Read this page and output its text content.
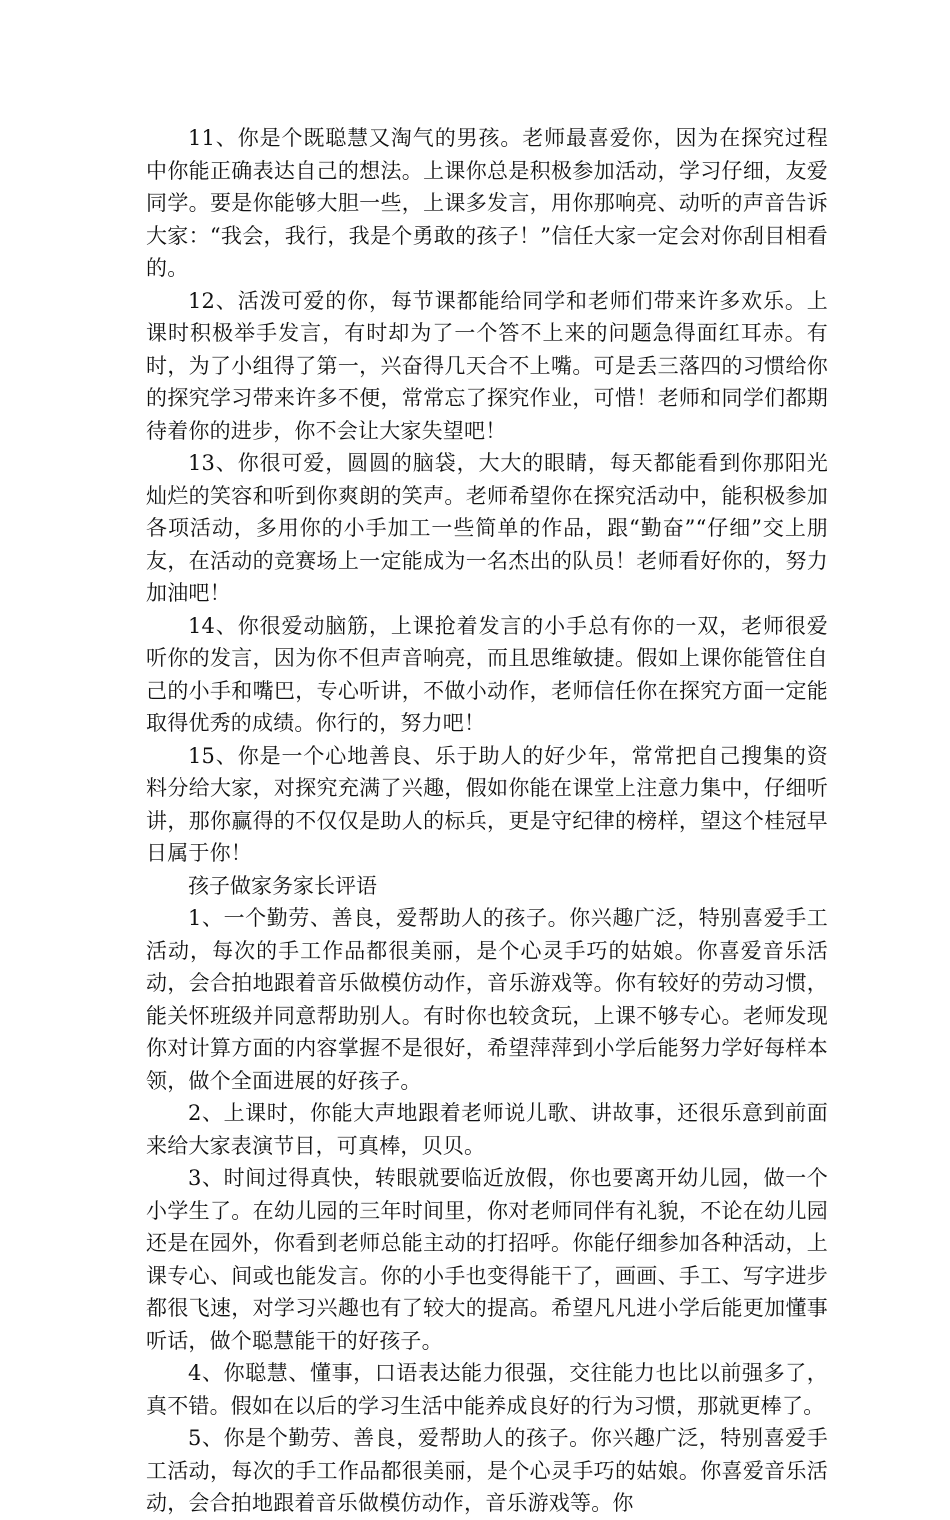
11、你是个既聪慧又淘气的男孩。老师最喜爱你，因为在探究过程中你能正确表达自己的想法。上课你总是积极参加活动，学习仔细，友爱同学。要是你能够大胆一些，上课多发言，用你那响亮、动听的声音告诉大家：“我会，我行，我是个勇敢的孩子！”信任大家一定会对你刮目相看的。

12、活泼可爱的你，每节课都能给同学和老师们带来许多欢乐。上课时积极举手发言，有时却为了一个答不上来的问题急得面红耳赤。有时，为了小组得了第一，兴奋得几天合不上嘴。可是丢三落四的习惯给你的探究学习带来许多不便，常常忘了探究作业，可惜！老师和同学们都期待着你的进步，你不会让大家失望吧！

13、你很可爱，圆圆的脑袋，大大的眼睛，每天都能看到你那阳光灿烂的笑容和听到你爽朗的笑声。老师希望你在探究活动中，能积极参加各项活动，多用你的小手加工一些简单的作品，跟“勤奋”“仔细”交上朋友，在活动的竞赛场上一定能成为一名杰出的队员！老师看好你的，努力加油吧！

14、你很爱动脑筋，上课抢着发言的小手总有你的一双，老师很爱听你的发言，因为你不但声音响亮，而且思维敏捷。假如上课你能管住自己的小手和嘴巴，专心听讲，不做小动作，老师信任你在探究方面一定能取得优秀的成绩。你行的，努力吧！

15、你是一个心地善良、乐于助人的好少年，常常把自己搜集的资料分给大家，对探究充满了兴趣，假如你能在课堂上注意力集中，仔细听讲，那你赢得的不仅仅是助人的标兵，更是守纪律的榜样，望这个桂冠早日属于你！

孩子做家务家长评语

1、一个勤劳、善良，爱帮助人的孩子。你兴趣广泛，特别喜爱手工活动，每次的手工作品都很美丽，是个心灵手巧的姑娘。你喜爱音乐活动，会合拍地跟着音乐做模仿动作，音乐游戏等。你有较好的劳动习惯，能关怀班级并同意帮助别人。有时你也较贪玩，上课不够专心。老师发现你对计算方面的内容掌握不是很好，希望萍萍到小学后能努力学好每样本领，做个全面进展的好孩子。

2、上课时，你能大声地跟着老师说儿歌、讲故事，还很乐意到前面来给大家表演节目，可真棒，贝贝。

3、时间过得真快，转眼就要临近放假，你也要离开幼儿园，做一个小学生了。在幼儿园的三年时间里，你对老师同伴有礼貌，不论在幼儿园还是在园外，你看到老师总能主动的打招呼。你能仔细参加各种活动，上课专心、间或也能发言。你的小手也变得能干了，画画、手工、写字进步都很飞速，对学习兴趣也有了较大的提高。希望凡凡进小学后能更加懂事听话，做个聪慧能干的好孩子。

4、你聪慧、懂事，口语表达能力很强，交往能力也比以前强多了，真不错。假如在以后的学习生活中能养成良好的行为习惯，那就更棒了。

5、你是个勤劳、善良，爱帮助人的孩子。你兴趣广泛，特别喜爱手工活动，每次的手工作品都很美丽，是个心灵手巧的姑娘。你喜爱音乐活动，会合拍地跟着音乐做模仿动作，音乐游戏等。你
